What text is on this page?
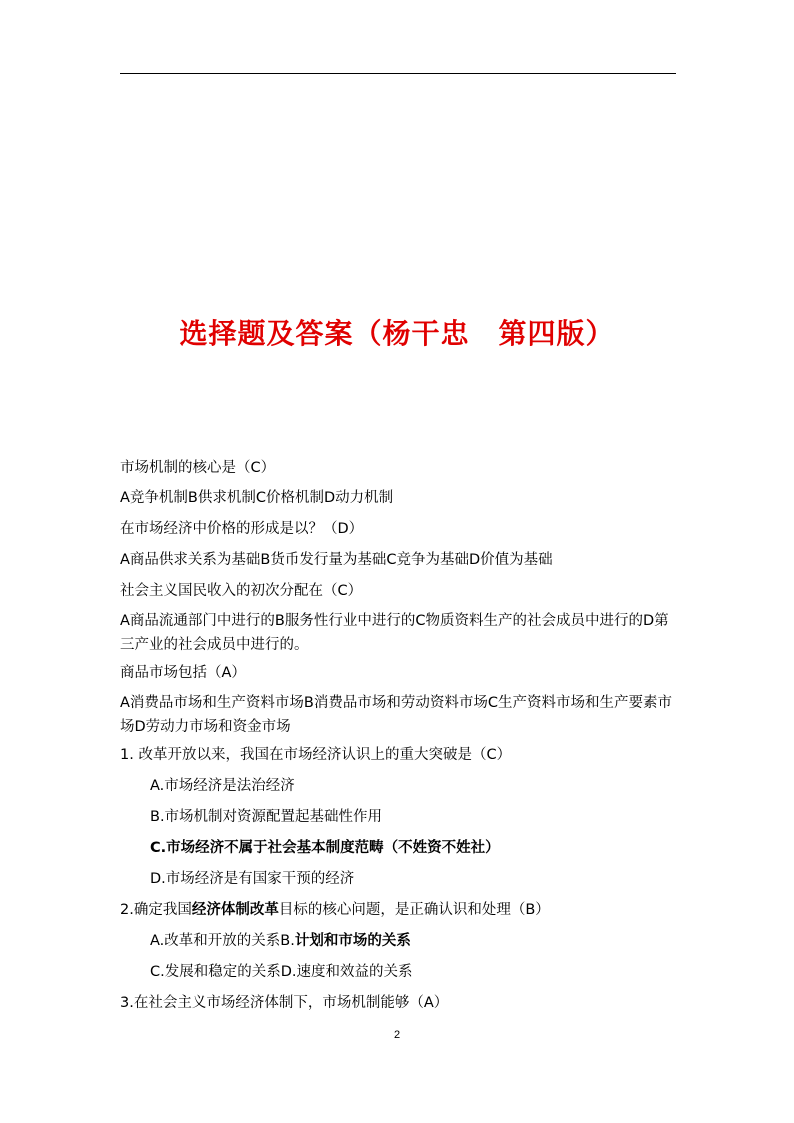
选择题及答案（杨干忠　第四版）
市场机制的核心是（C）
A竞争机制B供求机制C价格机制D动力机制
在市场经济中价格的形成是以？（D）
A商品供求关系为基础B货币发行量为基础C竞争为基础D价值为基础
社会主义国民收入的初次分配在（C）
A商品流通部门中进行的B服务性行业中进行的C物质资料生产的社会成员中进行的D第三产业的社会成员中进行的。
商品市场包括（A）
A消费品市场和生产资料市场B消费品市场和劳动资料市场C生产资料市场和生产要素市场D劳动力市场和资金市场
1. 改革开放以来，我国在市场经济认识上的重大突破是（C）
A.市场经济是法治经济
B.市场机制对资源配置起基础性作用
C.市场经济不属于社会基本制度范畴（不姓资不姓社）
D.市场经济是有国家干预的经济
2.确定我国经济体制改革目标的核心问题，是正确认识和处理（B）
A.改革和开放的关系B.计划和市场的关系
C.发展和稳定的关系D.速度和效益的关系
3.在社会主义市场经济体制下，市场机制能够（A）
2
